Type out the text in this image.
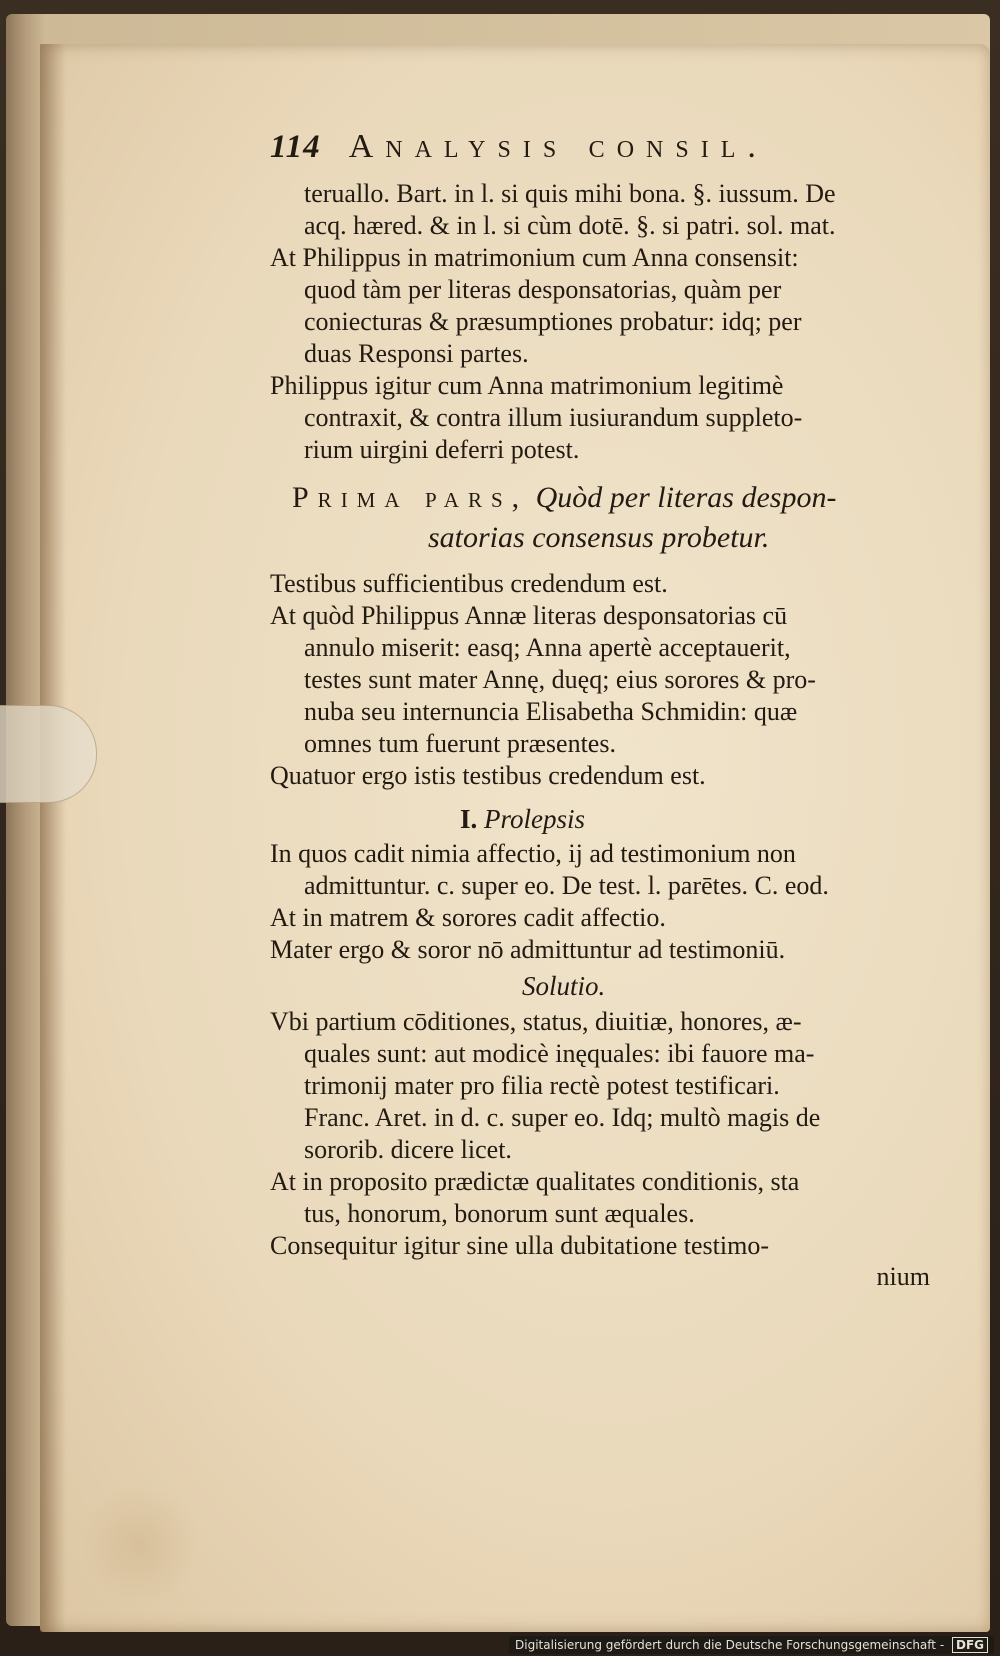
114 Analysis consil.
teruallo. Bart. in l. si quis mihi bona. §. iussum. De
acq. hæred. & in l. si cùm dotē. §. si patri. sol. mat.
At Philippus in matrimonium cum Anna consensit:
quod tàm per literas desponsatorias, quàm per
coniecturas & præsumptiones probatur: idq; per
duas Responsi partes.
Philippus igitur cum Anna matrimonium legitimè
contraxit, & contra illum iusiurandum suppleto-
rium uirgini deferri potest.
Prima pars, Quòd per literas despon-
satorias consensus probetur.
Testibus sufficientibus credendum est.
At quòd Philippus Annæ literas desponsatorias cū
annulo miserit: easq; Anna apertè acceptauerit,
testes sunt mater Annę, duęq; eius sorores & pro-
nuba seu internuncia Elisabetha Schmidin: quæ
omnes tum fuerunt præsentes.
Quatuor ergo istis testibus credendum est.
I. Prolepsis
In quos cadit nimia affectio, ij ad testimonium non
admittuntur. c. super eo. De test. l. parētes. C. eod.
At in matrem & sorores cadit affectio.
Mater ergo & soror nō admittuntur ad testimoniū.
Solutio.
Vbi partium cōditiones, status, diuitiæ, honores, æ-
quales sunt: aut modicè inęquales: ibi fauore ma-
trimonij mater pro filia rectè potest testificari.
Franc. Aret. in d. c. super eo. Idq; multò magis de
sororib. dicere licet.
At in proposito prædictæ qualitates conditionis, sta
tus, honorum, bonorum sunt æquales.
Consequitur igitur sine ulla dubitatione testimo-
nium
Digitalisierung gefördert durch die Deutsche Forschungsgemeinschaft - DFG
